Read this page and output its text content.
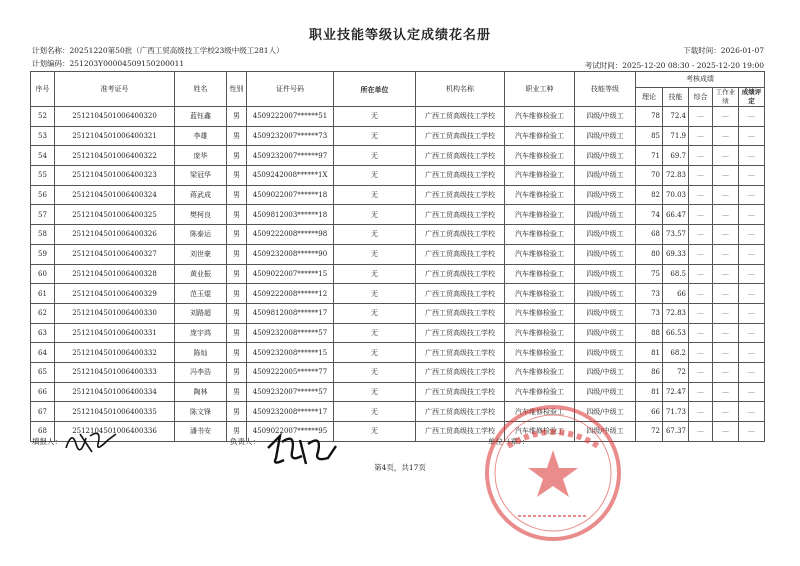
职业技能等级认定成绩花名册
计划名称：20251220第50批（广西工贸高级技工学校23级中级工281人）
计划编码：251203Y00004509150200011
下载时间：2026-01-07
考试时间：2025-12-20 08:30 - 2025-12-20 19:00
序号	准考证号	姓名	性别	证件号码	所在单位	机构名称	职业工种	技能等级	考核成绩				
									理论	技能	综合	工作业绩	成绩评定
52	251210450100640032​0	蓝钰鑫	男	4509222007******51	无	广西工贸高级技工学校	汽车维修检验工	四级/中级工	78	72.4	—	—	—
53	2512104501006400321	李雄	男	4509232007******73	无	广西工贸高级技工学校	汽车维修检验工	四级/中级工	85	71.9	—	—	—
54	2512104501006400322	庞华	男	4509232007******97	无	广西工贸高级技工学校	汽车维修检验工	四级/中级工	71	69.7	—	—	—
55	2512104501006400323	梁冠华	男	4509242008******1X	无	广西工贸高级技工学校	汽车维修检验工	四级/中级工	70	72.83	—	—	—
56	2512104501006400324	蒋武成	男	4509022007******18	无	广西工贸高级技工学校	汽车维修检验工	四级/中级工	82	70.03	—	—	—
57	2512104501006400325	樊柯良	男	4509812003******18	无	广西工贸高级技工学校	汽车维修检验工	四级/中级工	74	66.47	—	—	—
58	2512104501006400326	陈泰运	男	4509222008******98	无	广西工贸高级技工学校	汽车维修检验工	四级/中级工	68	73.57	—	—	—
59	2512104501006400327	刘世豪	男	4509232008******90	无	广西工贸高级技工学校	汽车维修检验工	四级/中级工	80	69.33	—	—	—
60	2512104501006400328	黄业振	男	4509022007******15	无	广西工贸高级技工学校	汽车维修检验工	四级/中级工	75	68.5	—	—	—
61	2512104501006400329	范玉焜	男	4509222008******12	无	广西工贸高级技工学校	汽车维修检验工	四级/中级工	73	66	—	—	—
62	2512104501006400330	刘路超	男	4509812008******17	无	广西工贸高级技工学校	汽车维修检验工	四级/中级工	73	72.83	—	—	—
63	2512104501006400331	庞宇鸿	男	4509232008******57	无	广西工贸高级技工学校	汽车维修检验工	四级/中级工	88	66.53	—	—	—
64	2512104501006400332	陈灿	男	4509232008******15	无	广西工贸高级技工学校	汽车维修检验工	四级/中级工	81	68.2	—	—	—
65	2512104501006400333	冯李浩	男	4509222005******77	无	广西工贸高级技工学校	汽车维修检验工	四级/中级工	86	72	—	—	—
66	2512104501006400334	陶林	男	4509232007******57	无	广西工贸高级技工学校	汽车维修检验工	四级/中级工	81	72.47	—	—	—
67	2512104501006400335	陈文锋	男	4509232008******17	无	广西工贸高级技工学校	汽车维修检验工	四级/中级工	66	71.73	—	—	—
68	2512104501006400336	潘书安	男	4509022007******95	无	广西工贸高级技工学校	汽车维修检验工	四级/中级工	72	67.37	—	—	—
填报人：	负责人：	单位（章）：
第4页，共17页
